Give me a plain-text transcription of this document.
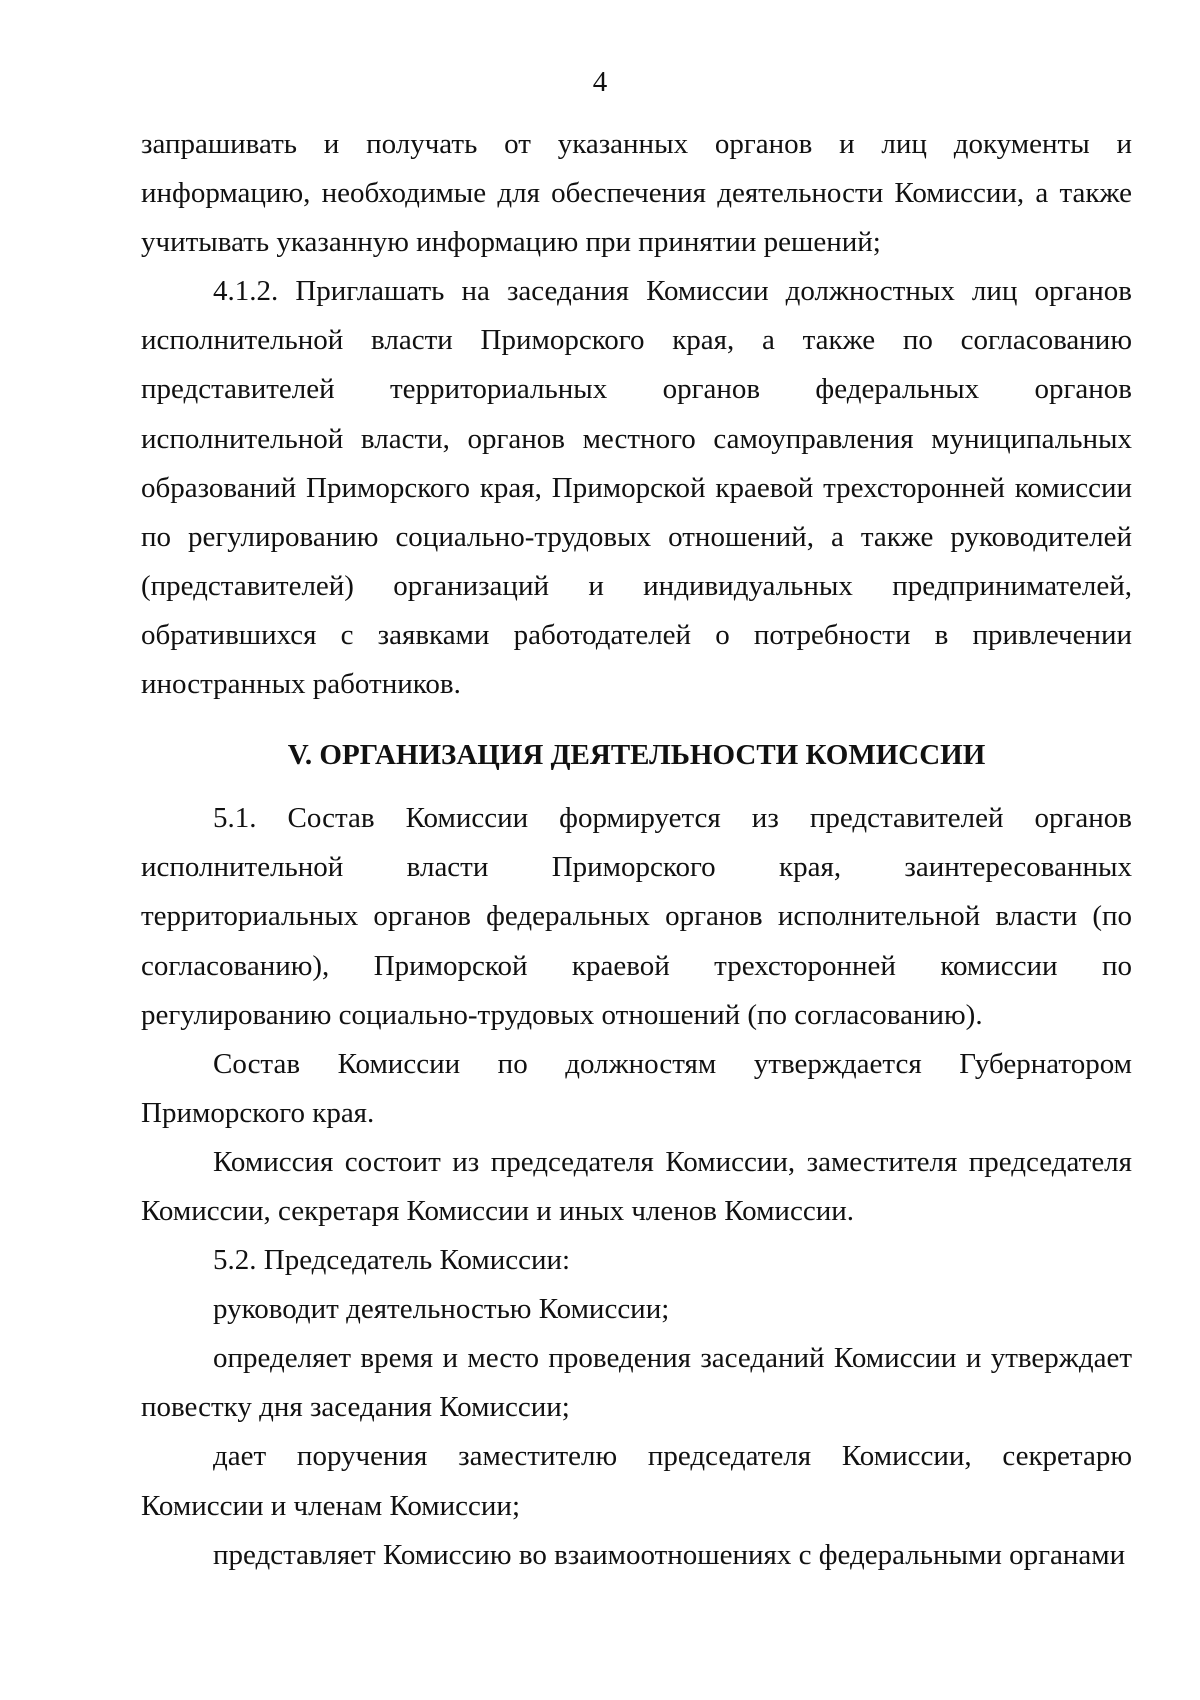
4

запрашивать и получать от указанных органов и лиц документы и информацию, необходимые для обеспечения деятельности Комиссии, а также учитывать указанную информацию при принятии решений;

4.1.2. Приглашать на заседания Комиссии должностных лиц органов исполнительной власти Приморского края, а также по согласованию представителей территориальных органов федеральных органов исполнительной власти, органов местного самоуправления муниципальных образований Приморского края, Приморской краевой трехсторонней комиссии по регулированию социально-трудовых отношений, а также руководителей (представителей) организаций и индивидуальных предпринимателей, обратившихся с заявками работодателей о потребности в привлечении иностранных работников.

V. ОРГАНИЗАЦИЯ ДЕЯТЕЛЬНОСТИ КОМИССИИ

5.1. Состав Комиссии формируется из представителей органов исполнительной власти Приморского края, заинтересованных территориальных органов федеральных органов исполнительной власти (по согласованию), Приморской краевой трехсторонней комиссии по регулированию социально-трудовых отношений (по согласованию).

Состав Комиссии по должностям утверждается Губернатором Приморского края.

Комиссия состоит из председателя Комиссии, заместителя председателя Комиссии, секретаря Комиссии и иных членов Комиссии.

5.2. Председатель Комиссии:

руководит деятельностью Комиссии;

определяет время и место проведения заседаний Комиссии и утверждает повестку дня заседания Комиссии;

дает поручения заместителю председателя Комиссии, секретарю Комиссии и членам Комиссии;

представляет Комиссию во взаимоотношениях с федеральными органами
